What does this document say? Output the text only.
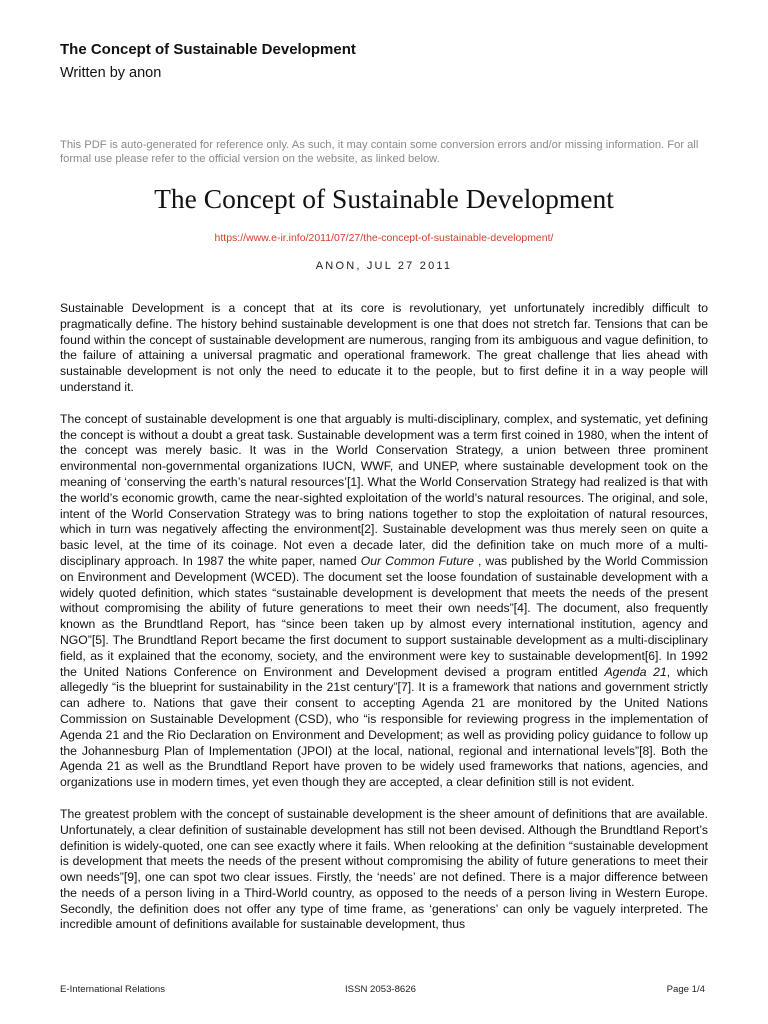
The Concept of Sustainable Development

Written by anon

This PDF is auto-generated for reference only. As such, it may contain some conversion errors and/or missing information. For all formal use please refer to the official version on the website, as linked below.
The Concept of Sustainable Development
https://www.e-ir.info/2011/07/27/the-concept-of-sustainable-development/
ANON, JUL 27 2011

Sustainable Development is a concept that at its core is revolutionary, yet unfortunately incredibly difficult to pragmatically define. The history behind sustainable development is one that does not stretch far. Tensions that can be found within the concept of sustainable development are numerous, ranging from its ambiguous and vague definition, to the failure of attaining a universal pragmatic and operational framework. The great challenge that lies ahead with sustainable development is not only the need to educate it to the people, but to first define it in a way people will understand it.

The concept of sustainable development is one that arguably is multi-disciplinary, complex, and systematic, yet defining the concept is without a doubt a great task. Sustainable development was a term first coined in 1980, when the intent of the concept was merely basic. It was in the World Conservation Strategy, a union between three prominent environmental non-governmental organizations IUCN, WWF, and UNEP, where sustainable development took on the meaning of ‘conserving the earth’s natural resources’[1]. What the World Conservation Strategy had realized is that with the world’s economic growth, came the near-sighted exploitation of the world’s natural resources. The original, and sole, intent of the World Conservation Strategy was to bring nations together to stop the exploitation of natural resources, which in turn was negatively affecting the environment[2]. Sustainable development was thus merely seen on quite a basic level, at the time of its coinage. Not even a decade later, did the definition take on much more of a multi-disciplinary approach. In 1987 the white paper, named Our Common Future , was published by the World Commission on Environment and Development (WCED). The document set the loose foundation of sustainable development with a widely quoted definition, which states “sustainable development is development that meets the needs of the present without compromising the ability of future generations to meet their own needs”[4]. The document, also frequently known as the Brundtland Report, has “since been taken up by almost every international institution, agency and NGO”[5]. The Brundtland Report became the first document to support sustainable development as a multi-disciplinary field, as it explained that the economy, society, and the environment were key to sustainable development[6]. In 1992 the United Nations Conference on Environment and Development devised a program entitled Agenda 21, which allegedly “is the blueprint for sustainability in the 21st century”[7]. It is a framework that nations and government strictly can adhere to. Nations that gave their consent to accepting Agenda 21 are monitored by the United Nations Commission on Sustainable Development (CSD), who “is responsible for reviewing progress in the implementation of Agenda 21 and the Rio Declaration on Environment and Development; as well as providing policy guidance to follow up the Johannesburg Plan of Implementation (JPOI) at the local, national, regional and international levels”[8]. Both the Agenda 21 as well as the Brundtland Report have proven to be widely used frameworks that nations, agencies, and organizations use in modern times, yet even though they are accepted, a clear definition still is not evident.

The greatest problem with the concept of sustainable development is the sheer amount of definitions that are available. Unfortunately, a clear definition of sustainable development has still not been devised. Although the Brundtland Report’s definition is widely-quoted, one can see exactly where it fails. When relooking at the definition “sustainable development is development that meets the needs of the present without compromising the ability of future generations to meet their own needs”[9], one can spot two clear issues. Firstly, the ‘needs’ are not defined. There is a major difference between the needs of a person living in a Third-World country, as opposed to the needs of a person living in Western Europe. Secondly, the definition does not offer any type of time frame, as ‘generations’ can only be vaguely interpreted. The incredible amount of definitions available for sustainable development, thus

E-International Relations	ISSN 2053-8626	Page 1/4
